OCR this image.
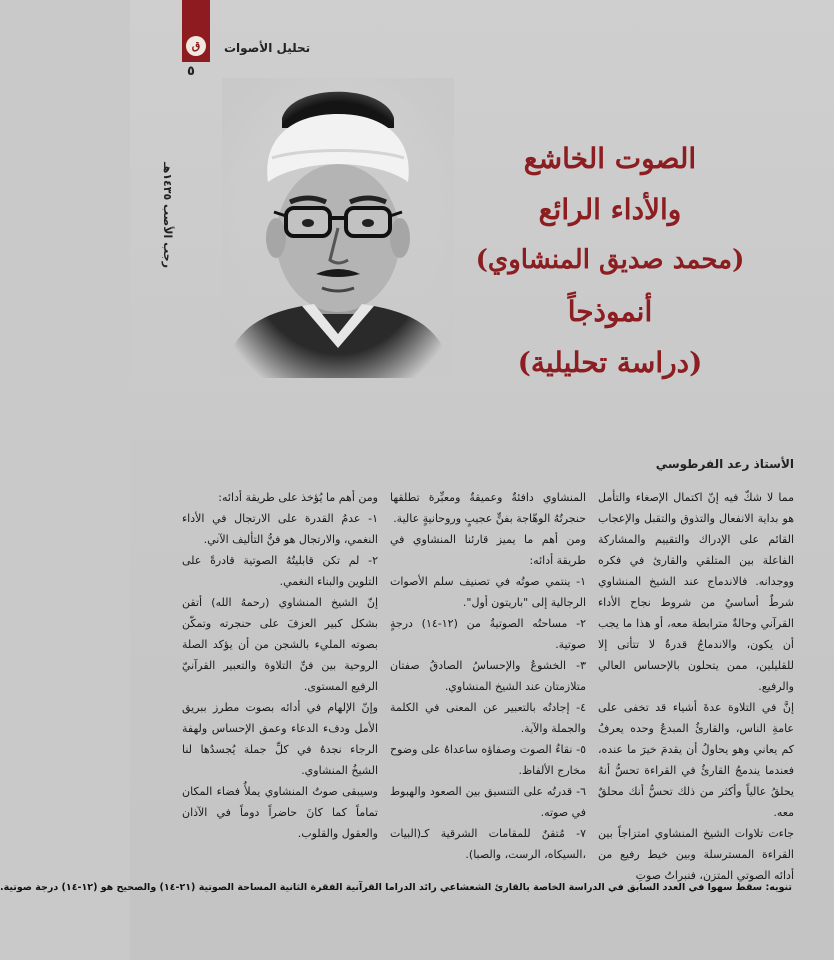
ق	تحليل الأصوات
٥
رجب الأصب ١٤٣٥هـ
الصوت الخاشع
والأداء الرائع
(محمد صديق المنشاوي)
أنموذجاً
(دراسة تحليلية)
الأستاذ رعد الفرطوسي

مما لا شكّ فيه إنّ اكتمال الإصغاء والتأمل هو بداية الانفعال والتذوق والتقبل والإعجاب القائم على الإدراك والتقييم والمشاركة الفاعلة بين المتلقي والقارئ في فكره ووجدانه. فالاندماج عند الشيخ المنشاوي شرطٌ أساسيٌ من شروط نجاح الأداء القرآني وحالةٌ مترابطة معه، أو هذا ما يجب أن يكون، والاندماجُ قدرةٌ لا تتأتى إلا للقليلين، ممن يتحلون بالإحساس العالي والرفيع.

إنَّ في التلاوة عدةَ أشياء قد تخفى على عامةِ الناس، والقارئُ المبدعُ وحده يعرفُ كم يعاني وهو يحاولُ أن يقدمَ خيرَ ما عنده، فعندما يندمجُ القارئُ في القراءة تحسُّ أنهُ يحلقُ عالياً وأكثر من ذلك تحسُّ أنك محلقٌ معه.

جاءت تلاوات الشيخ المنشاوي امتزاجاً بين القراءة المسترسلة وبين خيط رفيع من أدائه الصوتي المتزن، فنبراتُ صوتِ

المنشاوي دافئةٌ وعميقةٌ ومعبِّرة تطلقها حنجرتُهُ الوهّاجة بفنٍّ عجيبٍ وروحانيةٍ عالية.

ومن أهم ما يميز قارئنا المنشاوي في طريقة أدائه:

١- ينتمي صوتُه في تصنيف سلم الأصوات الرجالية إلى "باريتون أول".

٢- مساحتُه الصوتيةُ من (١٢-١٤) درجةٍ صوتية.

٣- الخشوعُ والإحساسُ الصادقُ صفتان متلازمتان عند الشيخ المنشاوي.

٤- إجادتُه بالتعبير عن المعنى في الكلمة والجملة والآية.

٥- نقاءُ الصوت وصفاؤه ساعداهُ على وضوح مخارج الألفاظ.

٦- قدرتُه على التنسيق بين الصعود والهبوط في صوته.

٧- مُتقنٌ للمقامات الشرقية كـ(البيات ،السيكاه، الرست، والصبا).

ومن أهم ما يُؤخذ على طريقة أدائه:

١- عدمُ القدرة على الارتجال في الأداء النغمي، والارتجال هو فنُّ التأليف الآني.

٢- لم تكن قابليتُهُ الصوتية قادرةً على التلوين والبناء النغمي.

إنّ الشيخ المنشاوي (رحمهُ الله) أتقن بشكل كبير العزفَ على حنجرته وتمكّن بصوته المليء بالشجن من أن يؤكد الصلة الروحية بين فنِّ التلاوة والتعبير القرآنيّ الرفيع المستوى.

وإنّ الإلهام في أدائه بصوت مطرز ببريق الأمل ودفء الدعاء وعمق الإحساس ولهفة الرجاء نجدهُ في كلِّ جملة يُجسدُها لنا الشيخُ المنشاوي.

وسيبقى صوتُ المنشاوي يملأُ فضاء المكان تماماً كما كانَ حاضراً دوماً في الآذان والعقول والقلوب.

تنويه: سقط سهوا في العدد السابق في الدراسة الخاصة بالقارئ الشعشاعي رائد الدراما القرآنية الفقرة الثانية المساحة الصوتية (٢١-١٤) والصحيح هو (١٢-١٤) درجة صوتية.
